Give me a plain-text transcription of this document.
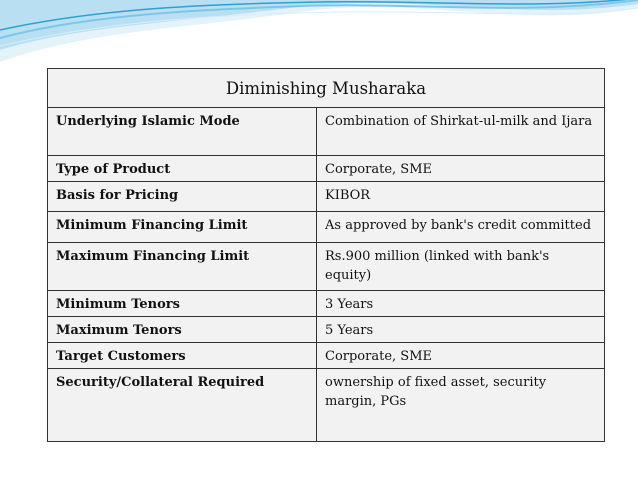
Diminishing Musharaka
Underlying Islamic Mode	Combination of Shirkat-ul-milk and Ijara
Type of Product	Corporate, SME
Basis for Pricing	KIBOR
Minimum Financing Limit	As approved by bank's credit committed
Maximum Financing Limit	Rs.900 million (linked with bank's equity)
Minimum Tenors	3 Years
Maximum Tenors	5 Years
Target Customers	Corporate, SME
Security/Collateral Required	ownership of fixed asset, security margin, PGs
